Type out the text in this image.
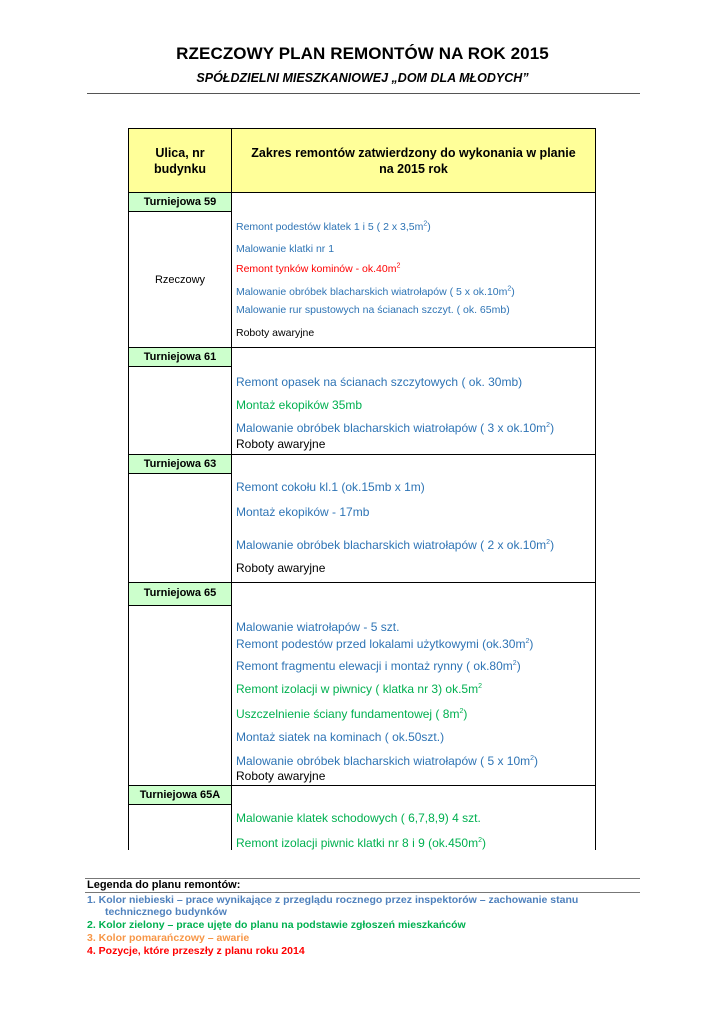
RZECZOWY PLAN REMONTÓW NA ROK 2015
SPÓŁDZIELNI MIESZKANIOWEJ „DOM DLA MŁODYCH”
Ulica, nr
budynku
Zakres remontów zatwierdzony do wykonania w planie
na 2015 rok
Turniejowa 59
Turniejowa 61
Turniejowa 63
Turniejowa 65
Turniejowa 65A
Rzeczowy
Remont podestów klatek 1 i 5 ( 2 x $3,5m^2$)
Malowanie klatki nr 1
Remont tynków kominów - $ok.40m^2$
Malowanie obróbek blacharskich wiatrołapów ( 5 x $ok.10m^2$)
Malowanie rur spustowych na ścianach szczyt. ( ok. 65mb)
Roboty awaryjne
Remont opasek na ścianach szczytowych ( ok. 30mb)
Montaż ekopików 35mb
Malowanie obróbek blacharskich wiatrołapów ( 3 x $ok.10m^2$)
Roboty awaryjne
Remont cokołu kl.1 (ok.15mb x 1m)
Montaż ekopików - 17mb
Malowanie obróbek blacharskich wiatrołapów ( 2 x $ok.10m^2$)
Roboty awaryjne
Malowanie wiatrołapów - 5 szt.
Remont podestów przed lokalami użytkowymi $(ok.30m^2)$
Remont fragmentu elewacji i montaż rynny ( $ok.80m^2$)
Remont izolacji w piwnicy ( klatka nr 3) $ok.5m^2$
Uszczelnienie ściany fundamentowej ( $8m^2$)
Montaż siatek na kominach ( ok.50szt.)
Malowanie obróbek blacharskich wiatrołapów ( 5 x $10m^2$)
Roboty awaryjne
Malowanie klatek schodowych ( 6,7,8,9) 4 szt.
Remont izolacji piwnic klatki nr 8 i 9 $(ok.450m^2)$
Legenda do planu remontów:
1. Kolor niebieski – prace wynikające z przeglądu rocznego przez inspektorów – zachowanie stanu
technicznego budynków
2. Kolor zielony – prace ujęte do planu na podstawie zgłoszeń mieszkańców
3. Kolor pomarańczowy – awarie
4. Pozycje, które przeszły z planu roku 2014
